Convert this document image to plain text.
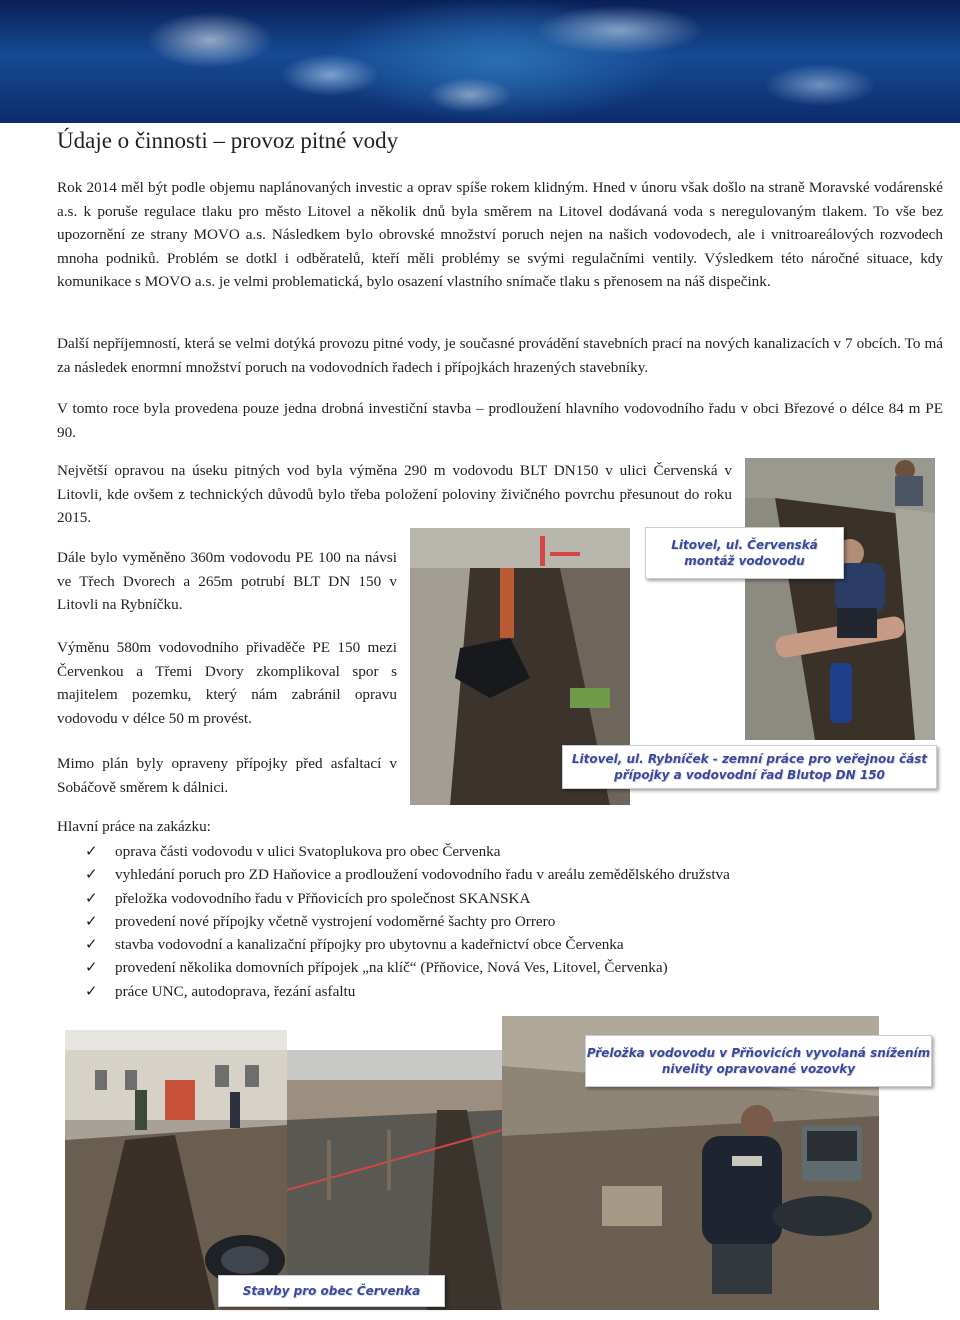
Údaje o činnosti – provoz pitné vody

Rok 2014 měl být podle objemu naplánovaných investic a oprav spíše rokem klidným. Hned v únoru však došlo na straně Moravské vodárenské a.s. k poruše regulace tlaku pro město Litovel a několik dnů byla směrem na Litovel dodávaná voda s neregulovaným tlakem. To vše bez upozornění ze strany MOVO a.s. Následkem bylo obrovské množství poruch nejen na našich vodovodech, ale i vnitroareálových rozvodech mnoha podniků. Problém se dotkl i odběratelů, kteří měli problémy se svými regulačními ventily. Výsledkem této náročné situace, kdy komunikace s MOVO a.s. je velmi problematická, bylo osazení vlastního snímače tlaku s přenosem na náš dispečink.

Další nepříjemností, která se velmi dotýká provozu pitné vody, je současné provádění stavebních prací na nových kanalizacích v 7 obcích. To má za následek enormní množství poruch na vodovodních řadech i přípojkách hrazených stavebníky.

V tomto roce byla provedena pouze jedna drobná investiční stavba – prodloužení hlavního vodovodního řadu v obci Březové o délce 84 m PE 90.

Největší opravou na úseku pitných vod byla výměna 290 m vodovodu BLT DN150 v ulici Červenská v Litovli, kde ovšem z technických důvodů bylo třeba položení poloviny živičného povrchu přesunout do roku 2015.

Dále bylo vyměněno 360m vodovodu PE 100 na návsi ve Třech Dvorech a 265m potrubí BLT DN 150 v Litovli na Rybníčku.

Výměnu 580m vodovodního přivaděče PE 150 mezi Červenkou a Třemi Dvory zkomplikoval spor s majitelem pozemku, který nám zabránil opravu vodovodu v délce 50 m provést.

Mimo plán byly opraveny přípojky před asfaltací v Sobáčově směrem k dálnici.

Litovel, ul. Červenská montáž vodovodu
Litovel, ul. Rybníček - zemní práce pro veřejnou část přípojky a vodovodní řad Blutop DN 150
Přeložka vodovodu v Přňovicích vyvolaná snížením nivelity opravované vozovky
Stavby pro obec Červenka

Hlavní práce na zakázku:

✓ oprava části vodovodu v ulici Svatoplukova pro obec Červenka
✓ vyhledání poruch pro ZD Haňovice a prodloužení vodovodního řadu v areálu zemědělského družstva
✓ přeložka vodovodního řadu v Přňovicích pro společnost SKANSKA
✓ provedení nové přípojky včetně vystrojení vodoměrné šachty pro Orrero
✓ stavba vodovodní a kanalizační přípojky pro ubytovnu a kadeřnictví obce Červenka
✓ provedení několika domovních přípojek „na klíč“ (Přňovice, Nová Ves, Litovel, Červenka)
✓ práce UNC, autodoprava, řezání asfaltu
